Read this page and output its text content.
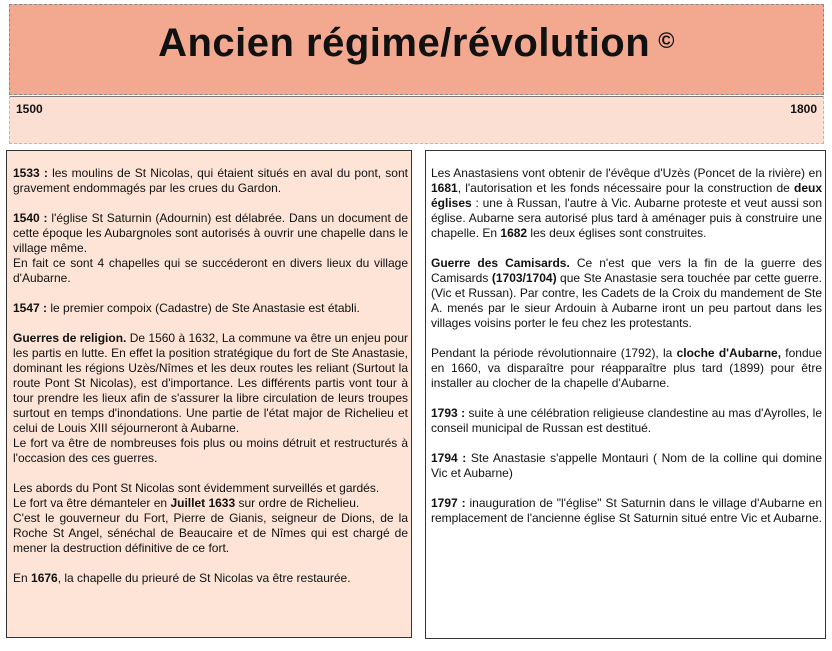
Ancien régime/révolution ©
1500	1800

1533 : les moulins de St Nicolas, qui étaient situés en aval du pont, sont gravement endommagés par les crues du Gardon.

1540 : l'église St Saturnin (Adournin) est délabrée. Dans un document de cette époque les Aubargnoles sont autorisés à ouvrir une chapelle dans le village même.
En fait ce sont 4 chapelles qui se succéderont en divers lieux du village d'Aubarne.

1547 : le premier compoix (Cadastre) de Ste Anastasie est établi.

Guerres de religion. De 1560 à 1632, La commune va être un enjeu pour les partis en lutte. En effet la position stratégique du fort de Ste Anastasie, dominant les régions Uzès/Nîmes et les deux routes les reliant (Surtout la route Pont St Nicolas), est d'importance. Les différents partis vont tour à tour prendre les lieux afin de s'assurer la libre circulation de leurs troupes surtout en temps d'inondations. Une partie de l'état major de Richelieu et celui de Louis XIII séjourneront à Aubarne.
Le fort va être de nombreuses fois plus ou moins détruit et restructurés à l'occasion des ces guerres.

Les abords du Pont St Nicolas sont évidemment surveillés et gardés.
Le fort va être démanteler en Juillet 1633 sur ordre de Richelieu.
C'est le gouverneur du Fort, Pierre de Gianis, seigneur de Dions, de la Roche St Angel, sénéchal de Beaucaire et de Nîmes qui est chargé de mener la destruction définitive de ce fort.

En 1676, la chapelle du prieuré de St Nicolas va être restaurée.

Les Anastasiens vont obtenir de l'évêque d'Uzès (Poncet de la rivière) en 1681, l'autorisation et les fonds nécessaire pour la construction de deux églises : une à Russan, l'autre à Vic. Aubarne proteste et veut aussi son église. Aubarne sera autorisé plus tard à aménager puis à construire une chapelle. En 1682 les deux églises sont construites.

Guerre des Camisards. Ce n'est que vers la fin de la guerre des Camisards (1703/1704) que Ste Anastasie sera touchée par cette guerre. (Vic et Russan). Par contre, les Cadets de la Croix du mandement de Ste A. menés par le sieur Ardouin à Aubarne iront un peu partout dans les villages voisins porter le feu chez les protestants.

Pendant la période révolutionnaire (1792), la cloche d'Aubarne, fondue en 1660, va disparaître pour réapparaître plus tard (1899) pour être installer au clocher de la chapelle d'Aubarne.

1793 : suite à une célébration religieuse clandestine au mas d'Ayrolles, le conseil municipal de Russan est destitué.

1794 : Ste Anastasie s'appelle Montauri ( Nom de la colline qui domine Vic et Aubarne)

1797 : inauguration de "l'église" St Saturnin dans le village d'Aubarne en remplacement de l'ancienne église St Saturnin situé entre Vic et Aubarne.
